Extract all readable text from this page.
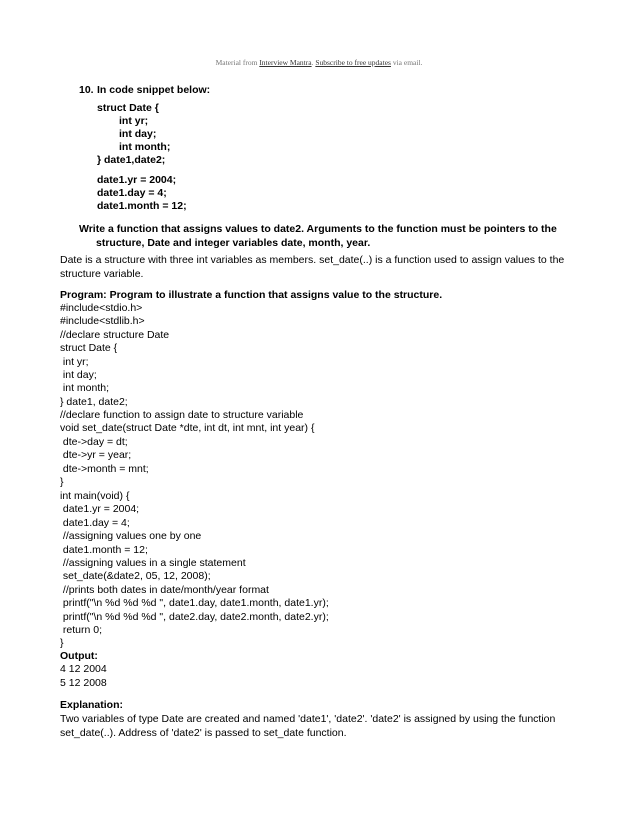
Material from Interview Mantra. Subscribe to free updates via email.
10. In code snippet below:
struct Date {
int yr;
int day;
int month;
} date1,date2;
date1.yr = 2004;
date1.day = 4;
date1.month = 12;
Write a function that assigns values to date2. Arguments to the function must be pointers to the
structure, Date and integer variables date, month, year.
Date is a structure with three int variables as members. set_date(..) is a function used to assign values to the structure variable.
Program: Program to illustrate a function that assigns value to the structure.
#include<stdio.h>
#include<stdlib.h>
//declare structure Date
struct Date {
int yr;
int day;
int month;
} date1, date2;
//declare function to assign date to structure variable
void set_date(struct Date *dte, int dt, int mnt, int year) {
dte->day = dt;
dte->yr = year;
dte->month = mnt;
}
int main(void) {
date1.yr = 2004;
date1.day = 4;
//assigning values one by one
date1.month = 12;
//assigning values in a single statement
set_date(&date2, 05, 12, 2008);
//prints both dates in date/month/year format
printf("\n %d %d %d ", date1.day, date1.month, date1.yr);
printf("\n %d %d %d ", date2.day, date2.month, date2.yr);
return 0;
}
Output:
4 12 2004
5 12 2008
Explanation:
Two variables of type Date are created and named 'date1', 'date2'. 'date2' is assigned by using the function set_date(..). Address of 'date2' is passed to set_date function.
